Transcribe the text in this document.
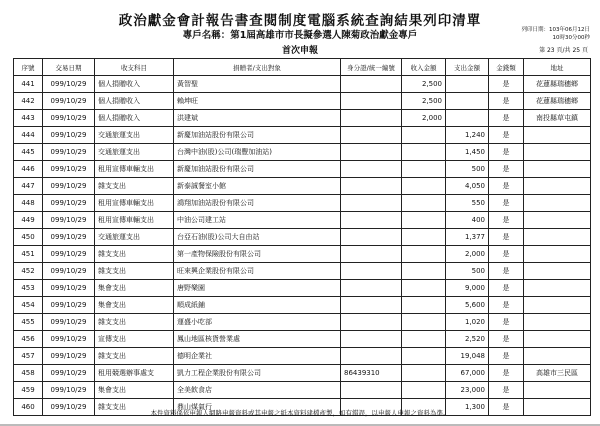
政治獻金會計報告書查閱制度電腦系統查詢結果列印清單
專戶名稱：第1屆高雄市市長擬參選人陳菊政治獻金專戶
首次申報
列印日期：103年06月12日
10時30分00秒
第 23 頁/共 25 頁
序號	交易日期	收支科目	捐贈者/支出對象	身分證/統一編號	收入金額	支出金額	金錢類	地址
441	099/10/29	個人捐贈收入	黃智聖		2,500		是	花蓮縣瑞穗鄉
442	099/10/29	個人捐贈收入	賴坤旺		2,500		是	花蓮縣瑞穗鄉
443	099/10/29	個人捐贈收入	洪建斌		2,000		是	南投縣草屯鎮
444	099/10/29	交通旅運支出	新慶加油站股份有限公司			1,240	是	
445	099/10/29	交通旅運支出	台灣中油(股)公司(瑞豐加油站)			1,450	是	
446	099/10/29	租用宣傳車輛支出	新慶加油站股份有限公司			500	是	
447	099/10/29	雜支支出	新泰誠餐室小館			4,050	是	
448	099/10/29	租用宣傳車輛支出	鴻翔加油站股份有限公司			550	是	
449	099/10/29	租用宣傳車輛支出	中油公司建工站			400	是	
450	099/10/29	交通旅運支出	台亞石油(股)公司大自由站			1,377	是	
451	099/10/29	雜支支出	第一產物保險股份有限公司			2,000	是	
452	099/10/29	雜支支出	旺來興企業股份有限公司			500	是	
453	099/10/29	集會支出	唐野樂園			9,000	是	
454	099/10/29	集會支出	順成紙鋪			5,600	是	
455	099/10/29	雜支支出	運盛小吃部			1,020	是	
456	099/10/29	宣傳支出	鳳山地區核貨營業處			2,520	是	
457	099/10/29	雜支支出	德明企業社			19,048	是	
458	099/10/29	租用競選辦事處支	凱力工程企業股份有限公司	86439310		67,000	是	高雄市三民區
459	099/10/29	集會支出	全美飲食店			23,000	是	
460	099/10/29	雜支支出	鼎山煤氣行			1,300	是	
本件資料係依申報人網路申報資料或其申報之紙本資料建檔產製，如有錯誤，以申報人申報之資料為準。
